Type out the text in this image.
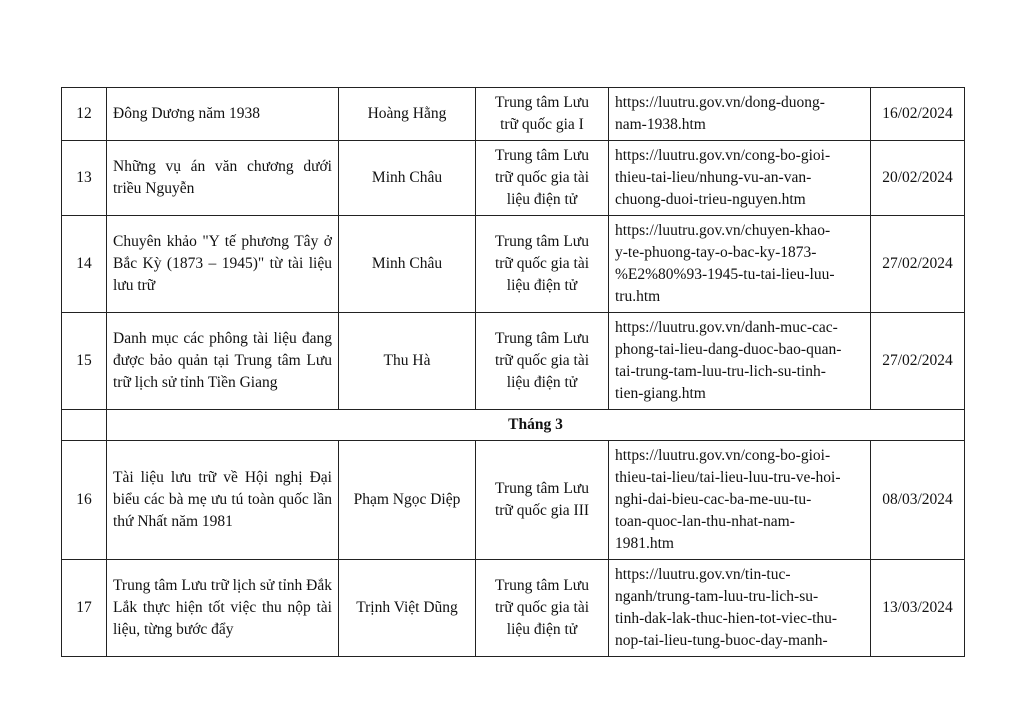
12	Đông Dương năm 1938	Hoàng Hằng	Trung tâm Lưu
trữ quốc gia I	https://luutru.gov.vn/dong-duong-
nam-1938.htm	16/02/2024
13	Những vụ án văn chương dưới triều Nguyễn	Minh Châu	Trung tâm Lưu
trữ quốc gia tài
liệu điện tử	https://luutru.gov.vn/cong-bo-gioi-
thieu-tai-lieu/nhung-vu-an-van-
chuong-duoi-trieu-nguyen.htm	20/02/2024
14	Chuyên khảo "Y tế phương Tây ở Bắc Kỳ (1873 – 1945)" từ tài liệu lưu trữ	Minh Châu	Trung tâm Lưu
trữ quốc gia tài
liệu điện tử	https://luutru.gov.vn/chuyen-khao-
y-te-phuong-tay-o-bac-ky-1873-
%E2%80%93-1945-tu-tai-lieu-luu-
tru.htm	27/02/2024
15	Danh mục các phông tài liệu đang được bảo quản tại Trung tâm Lưu trữ lịch sử tỉnh Tiền Giang	Thu Hà	Trung tâm Lưu
trữ quốc gia tài
liệu điện tử	https://luutru.gov.vn/danh-muc-cac-
phong-tai-lieu-dang-duoc-bao-quan-
tai-trung-tam-luu-tru-lich-su-tinh-
tien-giang.htm	27/02/2024
	Tháng 3				
16	Tài liệu lưu trữ về Hội nghị Đại biểu các bà mẹ ưu tú toàn quốc lần thứ Nhất năm 1981	Phạm Ngọc Diệp	Trung tâm Lưu
trữ quốc gia III	https://luutru.gov.vn/cong-bo-gioi-
thieu-tai-lieu/tai-lieu-luu-tru-ve-hoi-
nghi-dai-bieu-cac-ba-me-uu-tu-
toan-quoc-lan-thu-nhat-nam-
1981.htm	08/03/2024
17	Trung tâm Lưu trữ lịch sử tỉnh Đắk Lắk thực hiện tốt việc thu nộp tài liệu, từng bước đẩy	Trịnh Việt Dũng	Trung tâm Lưu
trữ quốc gia tài
liệu điện tử	https://luutru.gov.vn/tin-tuc-
nganh/trung-tam-luu-tru-lich-su-
tinh-dak-lak-thuc-hien-tot-viec-thu-
nop-tai-lieu-tung-buoc-day-manh-	13/03/2024
